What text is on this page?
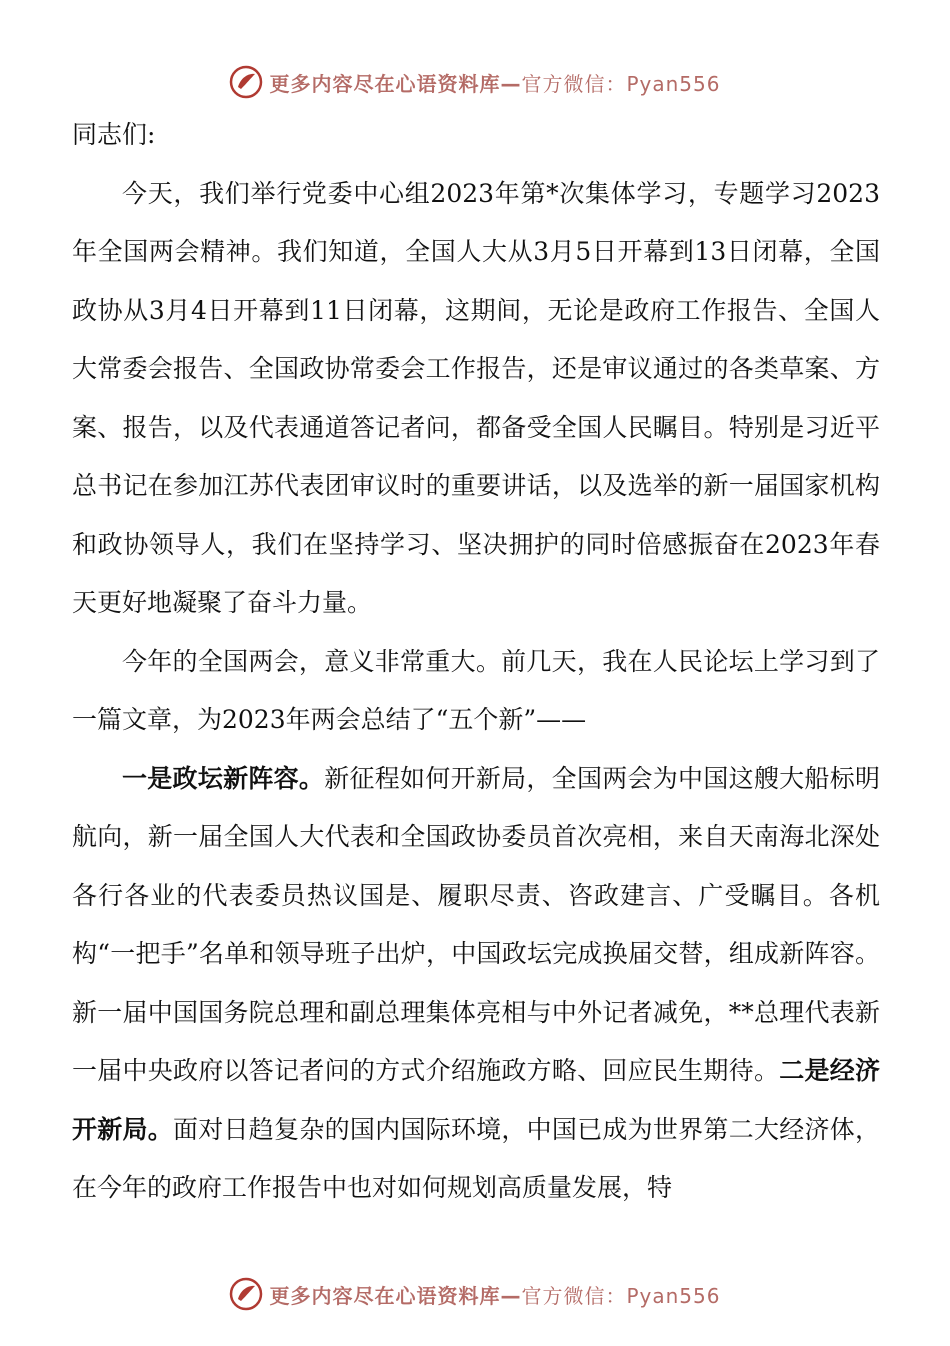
更多内容尽在心语资料库—官方微信：Pyan556

同志们:

今天，我们举行党委中心组2023年第*次集体学习，专题学习2023年全国两会精神。我们知道，全国人大从3月5日开幕到13日闭幕，全国政协从3月4日开幕到11日闭幕，这期间，无论是政府工作报告、全国人大常委会报告、全国政协常委会工作报告，还是审议通过的各类草案、方案、报告，以及代表通道答记者问，都备受全国人民瞩目。特别是习近平总书记在参加江苏代表团审议时的重要讲话，以及选举的新一届国家机构和政协领导人，我们在坚持学习、坚决拥护的同时倍感振奋在2023年春天更好地凝聚了奋斗力量。

今年的全国两会，意义非常重大。前几天，我在人民论坛上学习到了一篇文章，为2023年两会总结了“五个新”——

一是政坛新阵容。新征程如何开新局，全国两会为中国这艘大船标明航向，新一届全国人大代表和全国政协委员首次亮相，来自天南海北深处各行各业的代表委员热议国是、履职尽责、咨政建言、广受瞩目。各机构“一把手”名单和领导班子出炉，中国政坛完成换届交替，组成新阵容。新一届中国国务院总理和副总理集体亮相与中外记者减免，**总理代表新一届中央政府以答记者问的方式介绍施政方略、回应民生期待。二是经济开新局。面对日趋复杂的国内国际环境，中国已成为世界第二大经济体，在今年的政府工作报告中也对如何规划高质量发展，特

更多内容尽在心语资料库—官方微信：Pyan556
